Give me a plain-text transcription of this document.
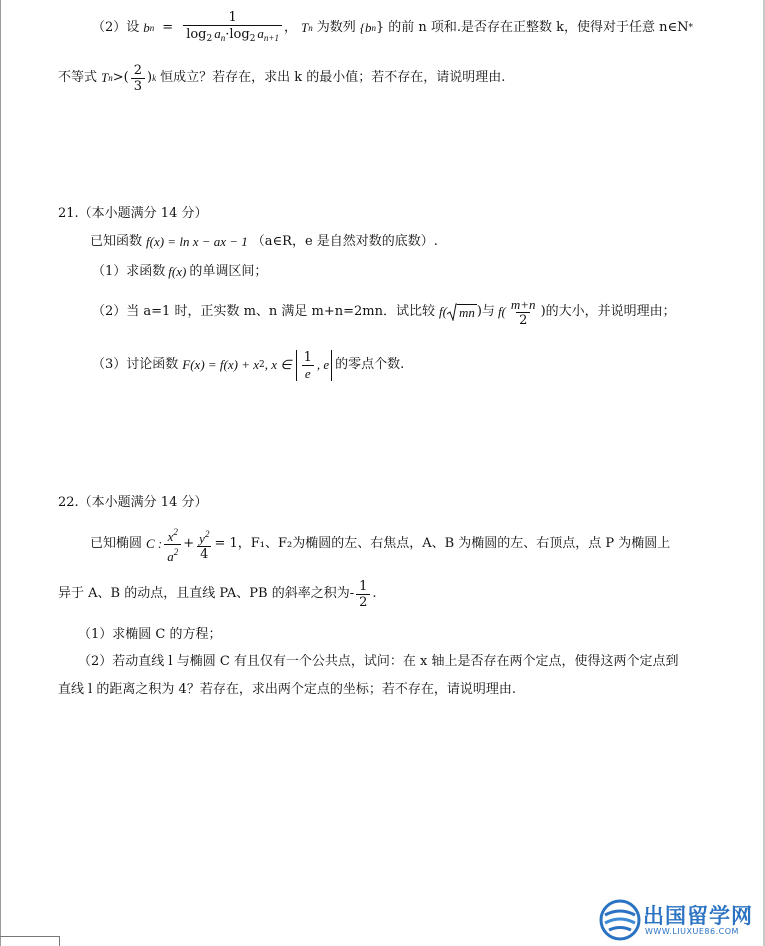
（2）设 b $n = \frac{1}{\log_2 a_n\cdot\log_2 a_{n+1}}$ ， T n 为数列 {b n } 的前 n 项和.是否存在正整数 k，使得对于任意 n∈N *
不等式 T n >( $\frac{2}{3}$ ) k 恒成立？若存在，求出 k 的最小值；若不存在，请说明理由.
21.（本小题满分 14 分）
已知函数 f(x) = ln x − ax − 1 （a∈R，e 是自然对数的底数）.
（1）求函数 f(x) 的单调区间；
（2）当 a=1 时，正实数 m、n 满足 m+n=2mn．试比较 f( mn )与 $f( \frac{m+n}{2}$ )的大小，并说明理由；
（3）讨论函数 F(x) = f(x) + x 2 , x ∈ $\frac{1}{e}$ , e 的零点个数.
22.（本小题满分 14 分）
已知椭圆 C : $\frac{x^2}{a^2} + \frac{y^2}{4} = 1$， F₁、F₂为椭圆的左、右焦点，A、B 为椭圆的左、右顶点，点 P 为椭圆上
异于 A、B 的动点，且直线 PA、PB 的斜率之积为- $\frac{1}{2}$ .
（1）求椭圆 C 的方程；
（2）若动直线 l 与椭圆 C 有且仅有一个公共点，试问：在 x 轴上是否存在两个定点，使得这两个定点到
直线 l 的距离之积为 4？若存在，求出两个定点的坐标；若不存在，请说明理由.
出国留学网
WWW.LIUXUE86.COM
